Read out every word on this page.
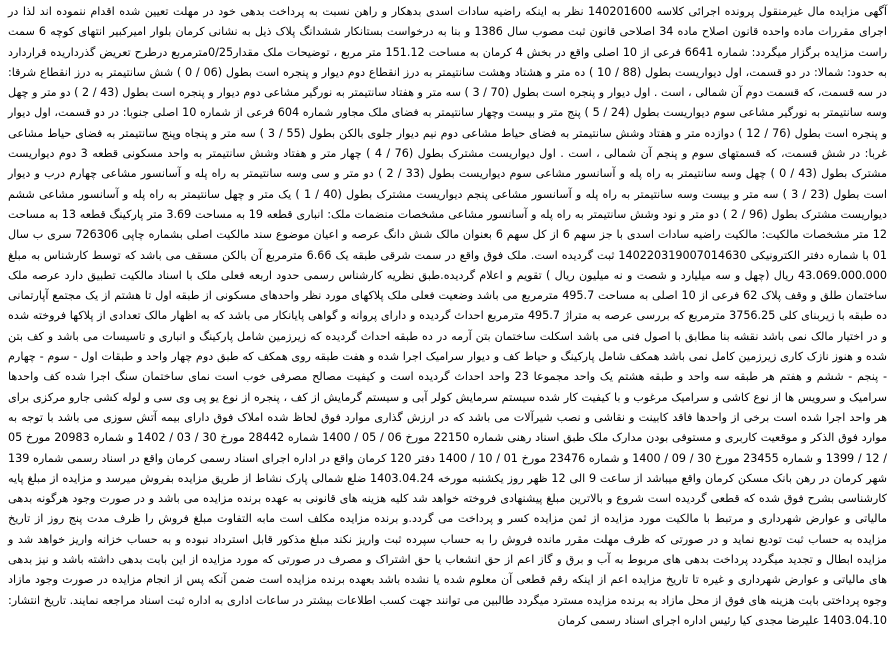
آگهی مزایده مال غیرمنقول پرونده اجرائی کلاسه 140201600 نظر به اینکه راضیه سادات اسدی بدهکار و راهن نسبت به پرداخت بدهی خود در مهلت تعیین شده اقدام ننموده اند لذا در اجرای مقررات ماده واحده قانون اصلاح ماده 34 اصلاحی قانون ثبت مصوب سال 1386 و بنا به درخواست بستانکار ششدانگ پلاک ذیل به نشانی کرمان بلوار امیرکبیر انتهای کوچه 6 سمت راست مزایده برگزار میگردد: شماره 6641 فرعی از 10 اصلی واقع در بخش 4 کرمان به مساحت 151.12 متر مربع ، توضیحات ملک مقدار0/25مترمربع درطرح تعریض گذرداریده قراردارد به حدود: شمالا: در دو قسمت، اول دیواریست بطول (88 / 10 ) ده متر و هشتاد وهشت سانتیمتر به درز انقطاع دوم دیوار و پنجره است بطول (06 / 0 ) شش سانتیمتر به درز انقطاع شرقا: در سه قسمت، که قسمت دوم آن شمالی ، است . اول دیوار و پنجره است بطول (70 / 3 ) سه متر و هفتاد سانتیمتر به نورگیر مشاعی دوم دیوار و پنجره است بطول (43 / 2 ) دو متر و چهل وسه سانتیمتر به نورگیر مشاعی سوم دیواریست بطول (24 / 5 ) پنج متر و بیست وچهار سانتیمتر به فضای ملک مجاور شماره 604 فرعی از شماره 10 اصلی جنوبا: در دو قسمت، اول دیوار و پنجره است بطول (76 / 12 ) دوازده متر و هفتاد وشش سانتیمتر به فضای حیاط مشاعی دوم نیم دیوار جلوی بالکن بطول (55 / 3 ) سه متر و پنجاه وپنج سانتیمتر به فضای حیاط مشاعی غربا: در شش قسمت، که قسمتهای سوم و پنجم آن شمالی ، است . اول دیواریست مشترک بطول (76 / 4 ) چهار متر و هفتاد وشش سانتیمتر به واحد مسکونی قطعه 3 دوم دیواریست مشترک بطول (43 / 0 ) چهل وسه سانتیمتر به راه پله و آسانسور مشاعی سوم دیواریست بطول (33 / 2 ) دو متر و سی وسه سانتیمتر به راه پله و آسانسور مشاعی چهارم درب و دیوار است بطول (23 / 3 ) سه متر و بیست وسه سانتیمتر به راه پله و آسانسور مشاعی پنجم دیواریست مشترک بطول (40 / 1 ) یک متر و چهل سانتیمتر به راه پله و آسانسور مشاعی ششم دیواریست مشترک بطول (96 / 2 ) دو متر و نود وشش سانتیمتر به راه پله و آسانسور مشاعی مشخصات منضمات ملک: انباری قطعه 19 به مساحت 3.69 متر پارکینگ قطعه 13 به مساحت 12 متر مشخصات مالکیت: مالکیت راضیه سادات اسدی با جز سهم 6 از کل سهم 6 بعنوان مالک شش دانگ عرصه و اعیان موضوع سند مالکیت اصلی بشماره چاپی 726306 سری ب سال 01 با شماره دفتر الکترونیکی 140220319007014630 ثبت گردیده است. ملک فوق واقع در سمت شرقی طبقه یک 6.66 مترمربع آن بالکن مسقف می باشد که توسط کارشناس به مبلغ 43.069.000.000 ریال (چهل و سه میلیارد و شصت و نه میلیون ریال ) تقویم و اعلام گردیده.طبق نظریه کارشناس رسمی حدود اربعه فعلی ملک با اسناد مالکیت تطبیق دارد عرصه ملک ساختمان طلق و وقف پلاک 62 فرعی از 10 اصلی به مساحت 495.7 مترمربع می باشد وضعیت فعلی ملک پلاکهای مورد نظر واحدهای مسکونی از طبقه اول تا هشتم از یک مجتمع آپارتمانی ده طبقه با زیربنای کلی 3756.25 مترمربع که بررسی عرصه به متراژ 495.7 مترمربع احداث گردیده و دارای پروانه و گواهی پایانکار می باشد که به اظهار مالک تعدادی از پلاکها فروخته شده و در اختیار مالک نمی باشد نقشه بنا مطابق با اصول فنی می باشد اسکلت ساختمان بتن آرمه در ده طبقه احداث گردیده که زیرزمین شامل پارکینگ و انباری و تاسیسات می باشد و کف بتن شده و هنوز نازک کاری زیرزمین کامل نمی باشد همکف شامل پارکینگ و حیاط کف و دیوار سرامیک اجرا شده و هفت طبقه روی همکف که طبق دوم چهار واحد و طبقات اول - سوم - چهارم - پنجم - ششم و هفتم هر طبقه سه واحد و طبقه هشتم یک واحد مجموعا 23 واحد احداث گردیده است و کیفیت مصالح مصرفی خوب است نمای ساختمان سنگ اجرا شده کف واحدها سرامیک و سرویس ها از نوع کاشی و سرامیک مرغوب و با کیفیت کار شده سیستم سرمایش کولر آبی و سیستم گرمایش از کف ، پنجره از نوع یو پی وی سی و لوله کشی جارو مرکزی برای هر واحد اجرا شده است برخی از واحدها فاقد کابینت و نقاشی و نصب شیرآلات می باشد که در ارزش گذاری موارد فوق لحاظ شده املاک فوق دارای بیمه آتش سوزی می باشد با توجه به موارد فوق الذکر و موقعیت کاربری و مستوفی بودن مدارک ملک طبق اسناد رهنی شماره 22150 مورخ 06 / 05 / 1400 شماره 28442 مورخ 30 / 03 / 1402 و شماره 20983 مورخ 05 / 12 / 1399 و شماره 23455 مورخ 30 / 09 / 1400 و شماره 23476 مورخ 01 / 10 / 1400 دفتر 120 کرمان واقع در اداره اجرای اسناد رسمی کرمان واقع در اسناد رسمی شماره 139 شهر کرمان در رهن بانک مسکن کرمان واقع میباشد از ساعت 9 الی 12 ظهر روز یکشنبه مورخه 1403.04.24 ضلع شمالی پارک نشاط از طریق مزایده بفروش میرسد و مزایده از مبلغ پایه کارشناسی بشرح فوق شده که قطعی گردیده است شروع و بالاترین مبلغ پیشنهادی فروخته خواهد شد کلیه هزینه های قانونی به عهده برنده مزایده می باشد و در صورت وجود هرگونه بدهی مالیاتی و عوارض شهرداری و مرتبط با مالکیت مورد مزایده از ثمن مزایده کسر و پرداخت می گردد.و برنده مزایده مکلف است مابه التفاوت مبلغ فروش را ظرف مدت پنج روز از تاریخ مزایده به حساب ثبت تودیع نماید و در صورتی که ظرف مهلت مقرر مانده فروش را به حساب سپرده ثبت واریز نکند مبلغ مذکور قابل استرداد نبوده و به حساب خزانه واریز خواهد شد و مزایده ابطال و تجدید میگردد پرداخت بدهی های مربوط به آب و برق و گاز اعم از حق انشعاب یا حق اشتراک و مصرف در صورتی که مورد مزایده از این بابت بدهی داشته باشد و نیز بدهی های مالیاتی و عوارض شهرداری و غیره تا تاریخ مزایده اعم از اینکه رقم قطعی آن معلوم شده یا نشده باشد بعهده برنده مزایده است ضمن آنکه پس از انجام مزایده در صورت وجود مازاد وجوه پرداختی بابت هزینه های فوق از محل مازاد به برنده مزایده مسترد میگردد طالبین می توانند جهت کسب اطلاعات بیشتر در ساعات اداری به اداره ثبت اسناد مراجعه نمایند. تاریخ انتشار: 1403.04.10 علیرضا مجدی کیا رئیس اداره اجرای اسناد رسمی کرمان
